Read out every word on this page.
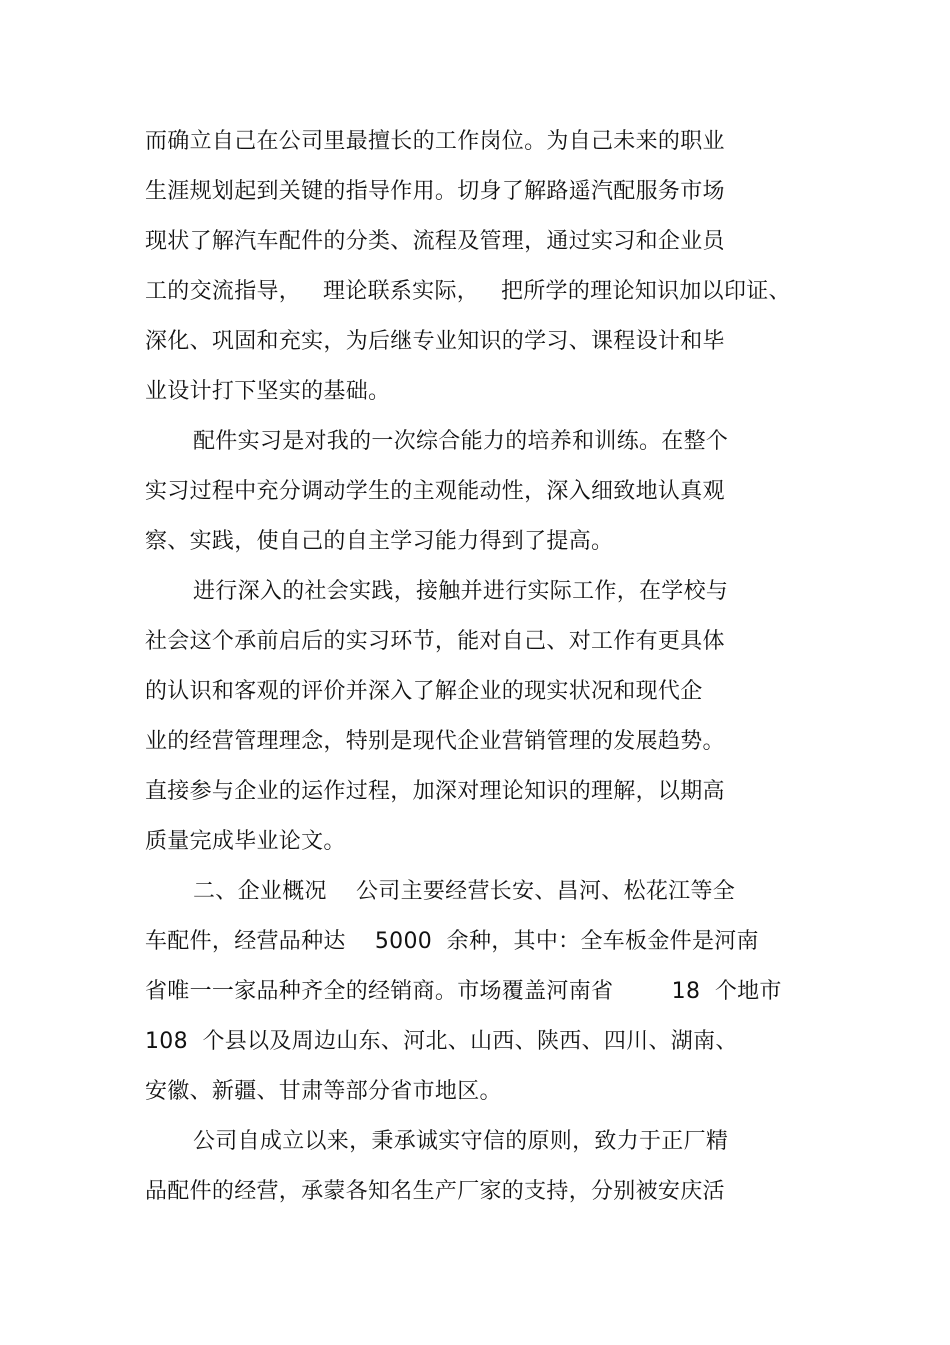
而确立自己在公司里最擅长的工作岗位。为自己未来的职业
生涯规划起到关键的指导作用。切身了解路遥汽配服务市场
现状了解汽车配件的分类、流程及管理，通过实习和企业员
工的交流指导，   理论联系实际，   把所学的理论知识加以印证、
深化、巩固和充实，为后继专业知识的学习、课程设计和毕
业设计打下坚实的基础。
配件实习是对我的一次综合能力的培养和训练。在整个
实习过程中充分调动学生的主观能动性，深入细致地认真观
察、实践，使自己的自主学习能力得到了提高。
进行深入的社会实践，接触并进行实际工作，在学校与
社会这个承前启后的实习环节，能对自己、对工作有更具体
的认识和客观的评价并深入了解企业的现实状况和现代企
业的经营管理理念，特别是现代企业营销管理的发展趋势。
直接参与企业的运作过程，加深对理论知识的理解，以期高
质量完成毕业论文。
二、企业概况    公司主要经营长安、昌河、松花江等全
车配件，经营品种达    5000  余种，其中：全车板金件是河南
省唯一一家品种齐全的经销商。市场覆盖河南省        18  个地市
108  个县以及周边山东、河北、山西、陕西、四川、湖南、
安徽、新疆、甘肃等部分省市地区。
公司自成立以来，秉承诚实守信的原则，致力于正厂精
品配件的经营，承蒙各知名生产厂家的支持，分别被安庆活
